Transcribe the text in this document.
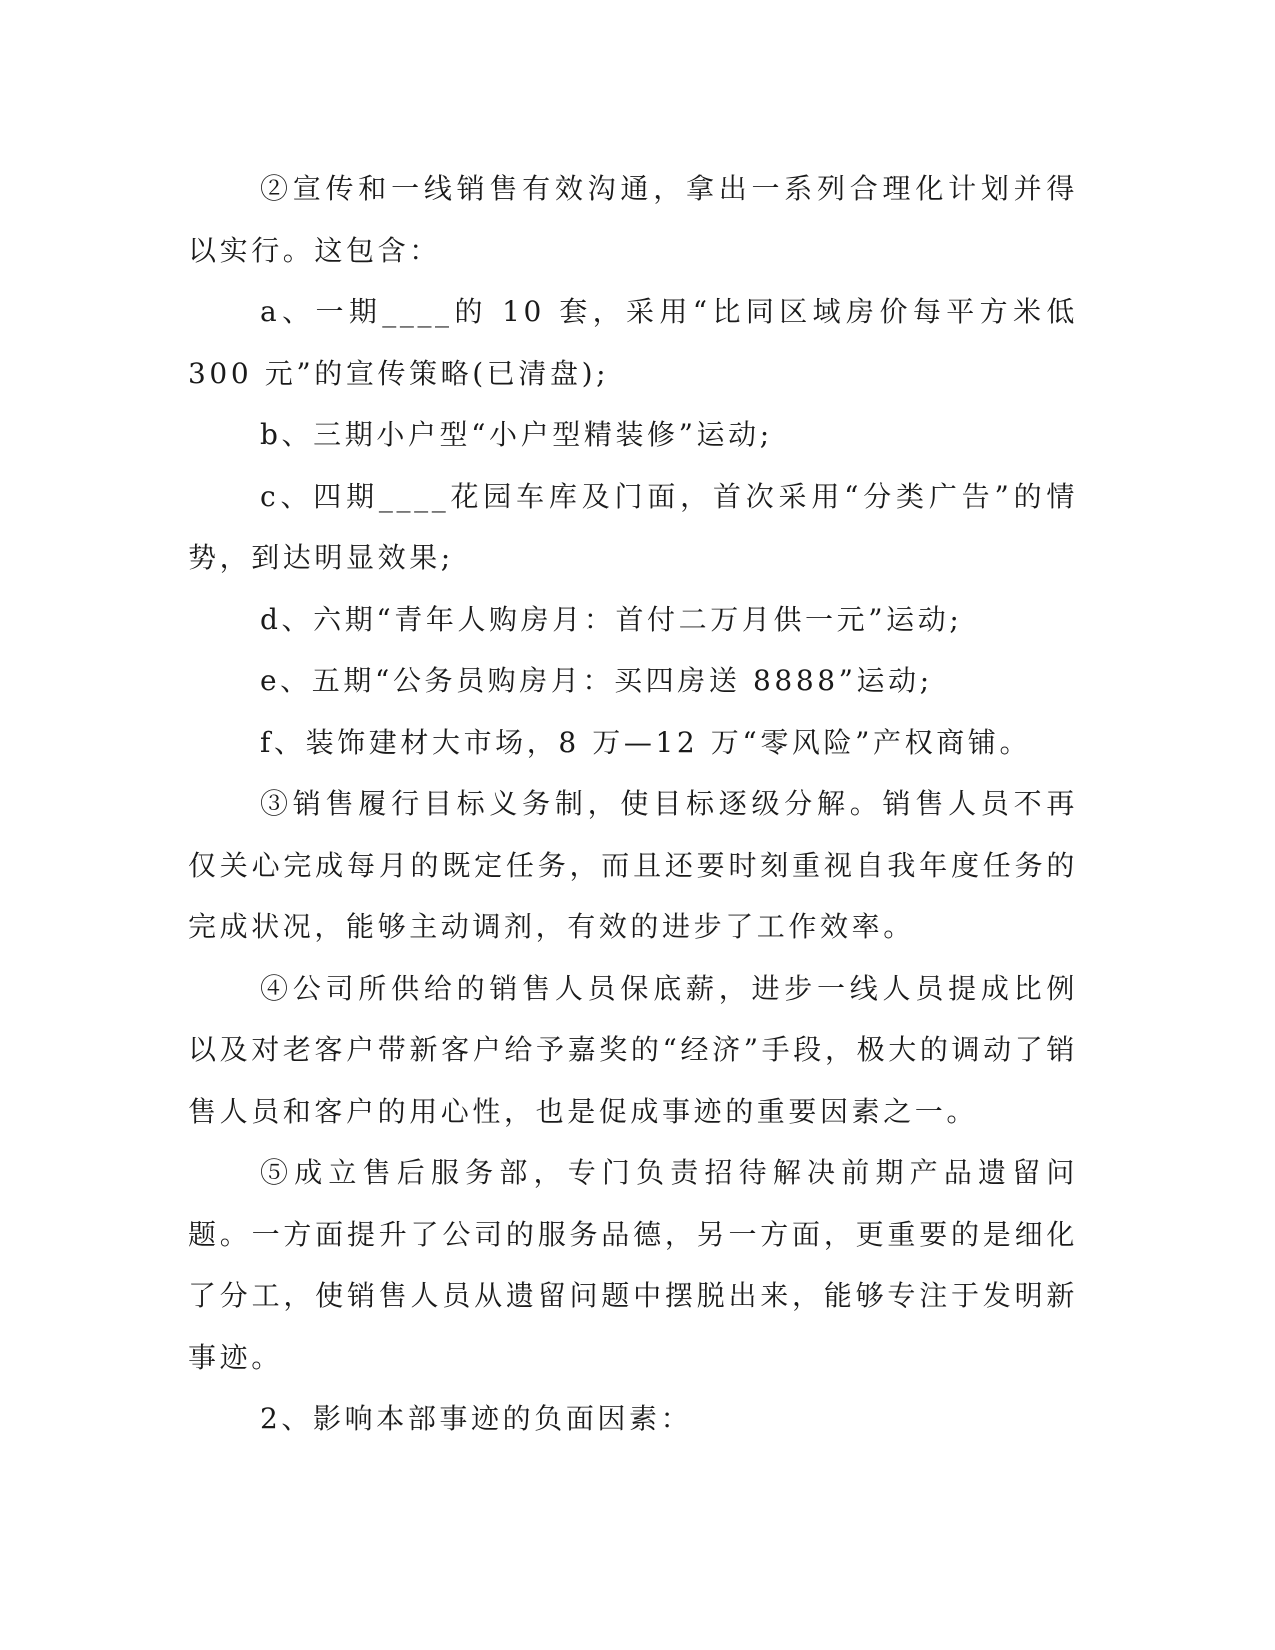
②宣传和一线销售有效沟通，拿出一系列合理化计划并得以实行。这包含：

a、一期____的 10 套，采用“比同区域房价每平方米低 300 元”的宣传策略(已清盘);

b、三期小户型“小户型精装修”运动;

c、四期____花园车库及门面，首次采用“分类广告”的情势，到达明显效果;

d、六期“青年人购房月：首付二万月供一元”运动;

e、五期“公务员购房月：买四房送 8888”运动;

f、装饰建材大市场，8 万—12 万“零风险”产权商铺。

③销售履行目标义务制，使目标逐级分解。销售人员不再仅关心完成每月的既定任务，而且还要时刻重视自我年度任务的完成状况，能够主动调剂，有效的进步了工作效率。

④公司所供给的销售人员保底薪，进步一线人员提成比例以及对老客户带新客户给予嘉奖的“经济”手段，极大的调动了销售人员和客户的用心性，也是促成事迹的重要因素之一。

⑤成立售后服务部，专门负责招待解决前期产品遗留问题。一方面提升了公司的服务品德，另一方面，更重要的是细化了分工，使销售人员从遗留问题中摆脱出来，能够专注于发明新事迹。

2、影响本部事迹的负面因素：
